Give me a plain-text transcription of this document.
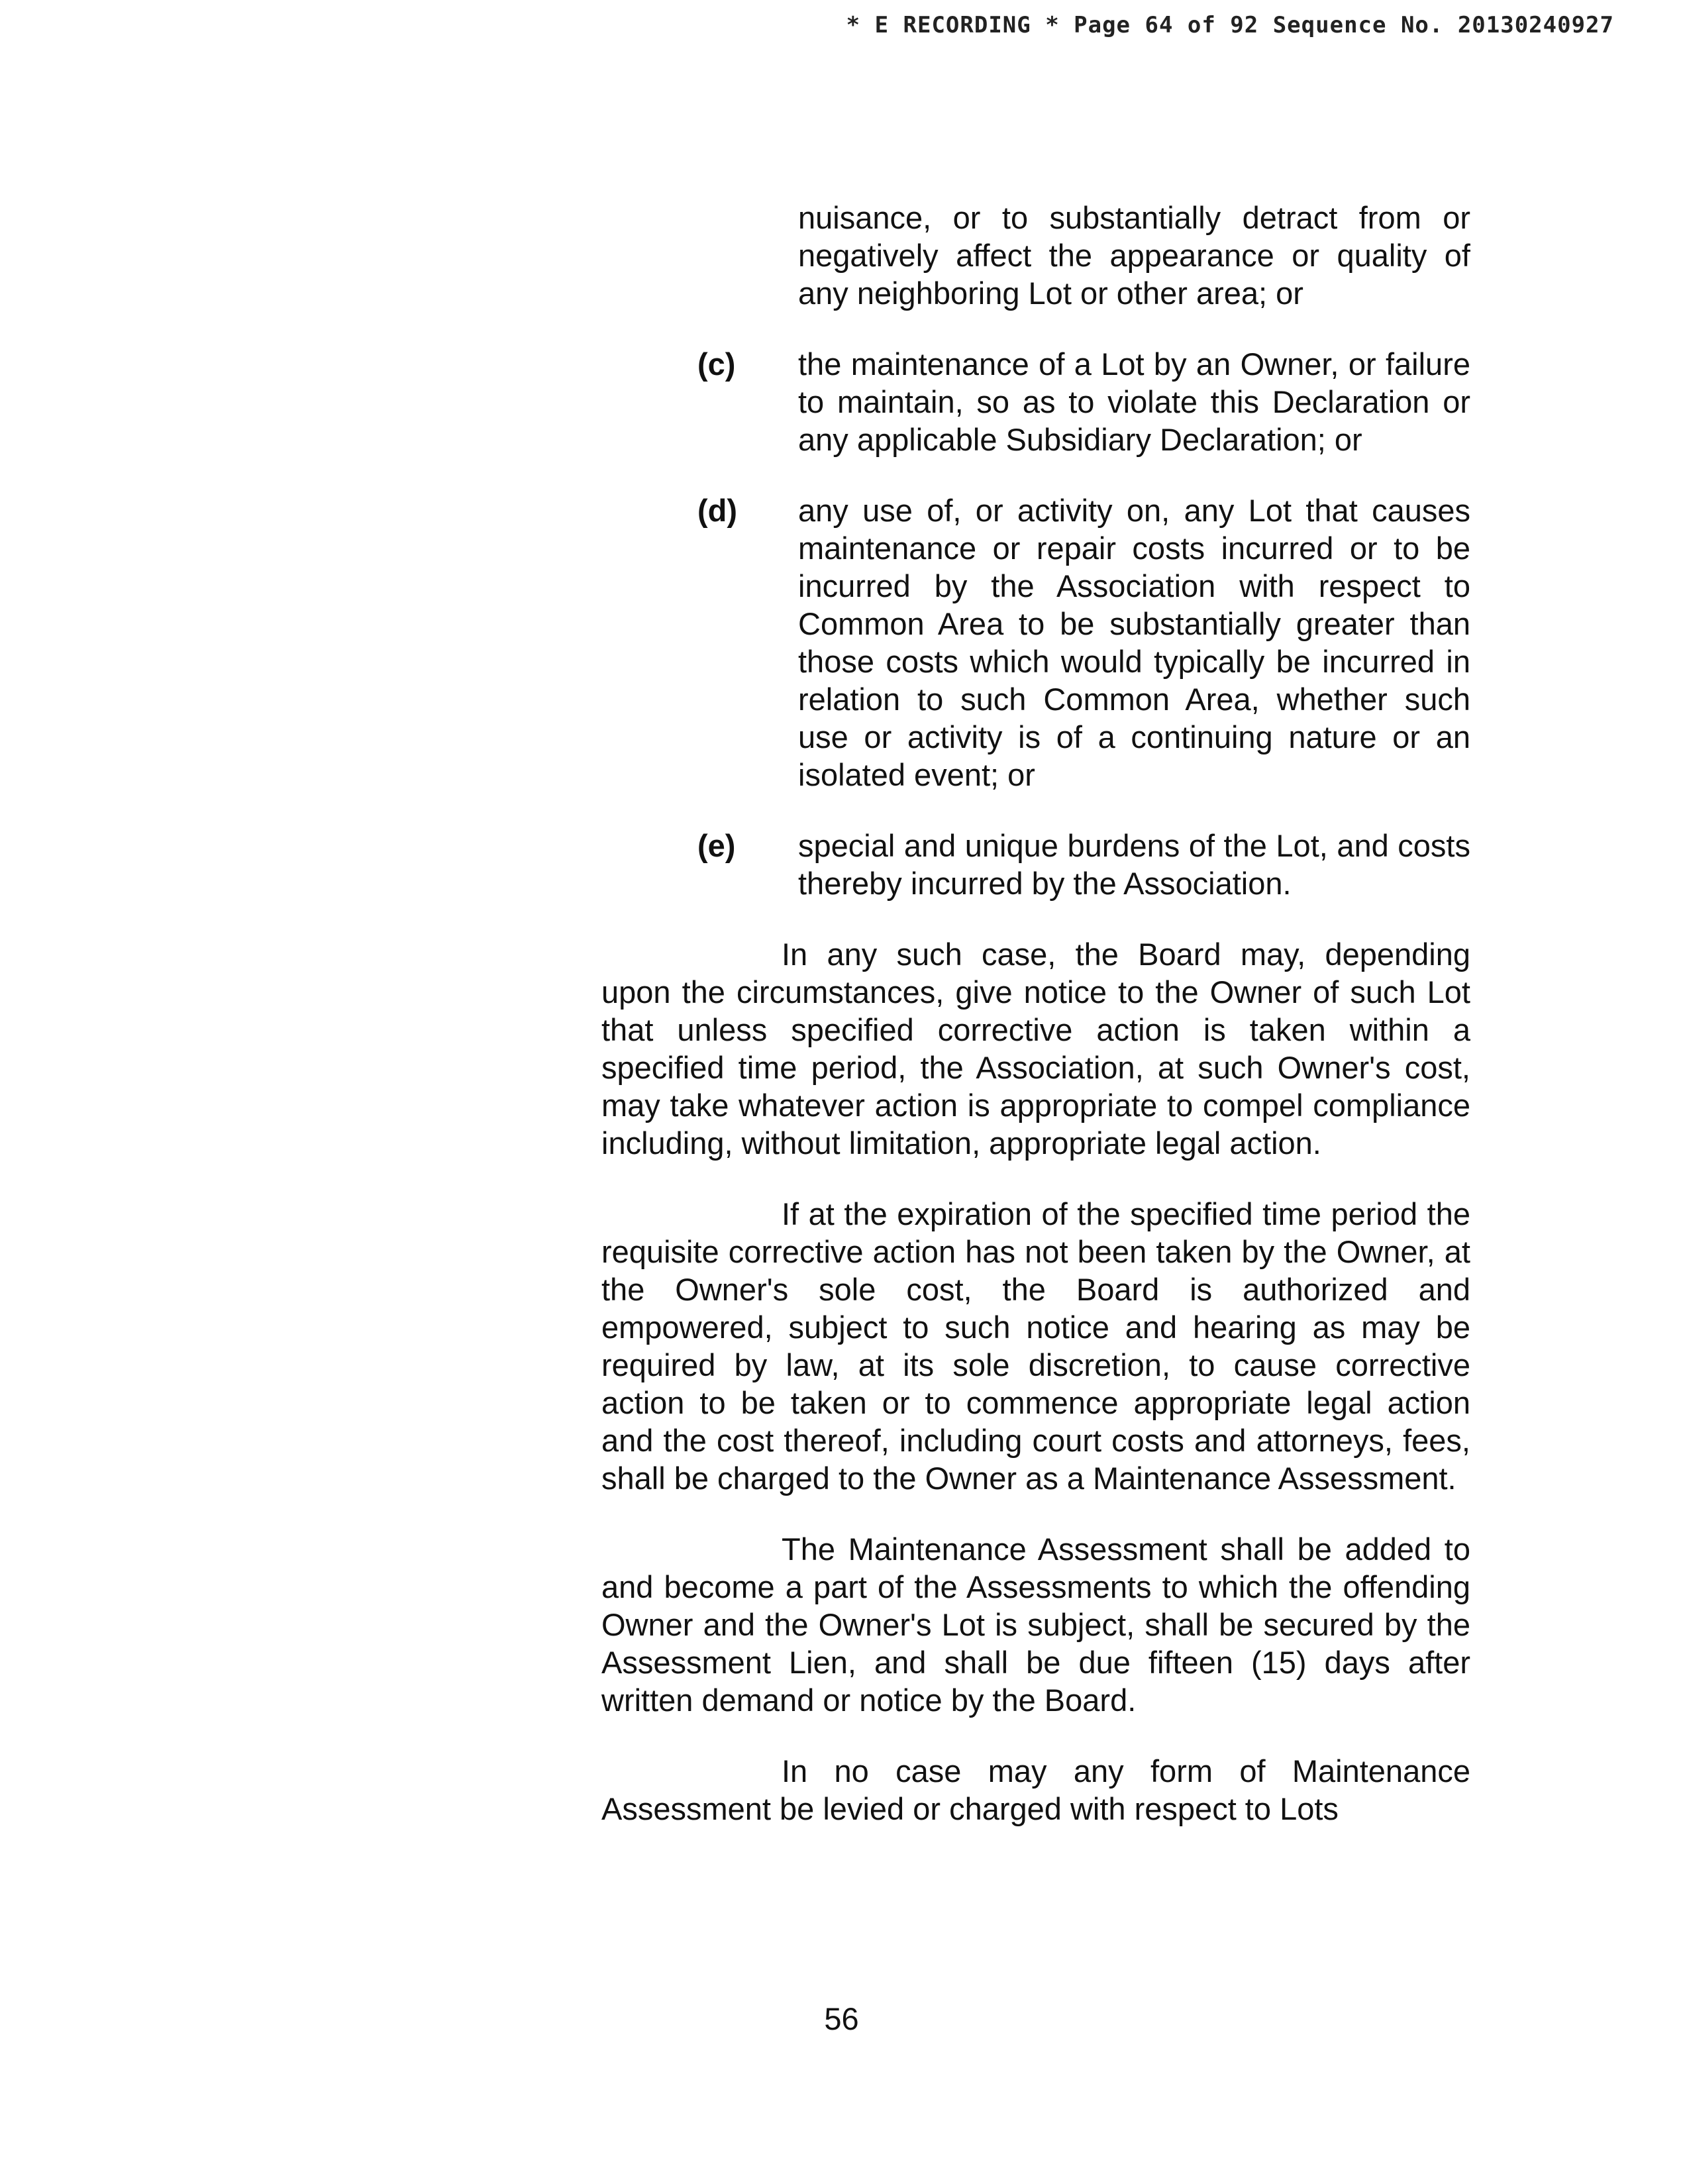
* E RECORDING * Page 64 of 92 Sequence No. 20130240927
nuisance, or to substantially detract from or negatively affect the appearance or quality of any neighboring Lot or other area; or
(c) the maintenance of a Lot by an Owner, or failure to maintain, so as to violate this Declaration or any applicable Subsidiary Declaration; or
(d) any use of, or activity on, any Lot that causes maintenance or repair costs incurred or to be incurred by the Association with respect to Common Area to be substantially greater than those costs which would typically be incurred in relation to such Common Area, whether such use or activity is of a continuing nature or an isolated event; or
(e) special and unique burdens of the Lot, and costs thereby incurred by the Association.
In any such case, the Board may, depending upon the circumstances, give notice to the Owner of such Lot that unless specified corrective action is taken within a specified time period, the Association, at such Owner's cost, may take whatever action is appropriate to compel compliance including, without limitation, appropriate legal action.
If at the expiration of the specified time period the requisite corrective action has not been taken by the Owner, at the Owner's sole cost, the Board is authorized and empowered, subject to such notice and hearing as may be required by law, at its sole discretion, to cause corrective action to be taken or to commence appropriate legal action and the cost thereof, including court costs and attorneys, fees, shall be charged to the Owner as a Maintenance Assessment.
The Maintenance Assessment shall be added to and become a part of the Assessments to which the offending Owner and the Owner's Lot is subject, shall be secured by the Assessment Lien, and shall be due fifteen (15) days after written demand or notice by the Board.
In no case may any form of Maintenance Assessment be levied or charged with respect to Lots
56
